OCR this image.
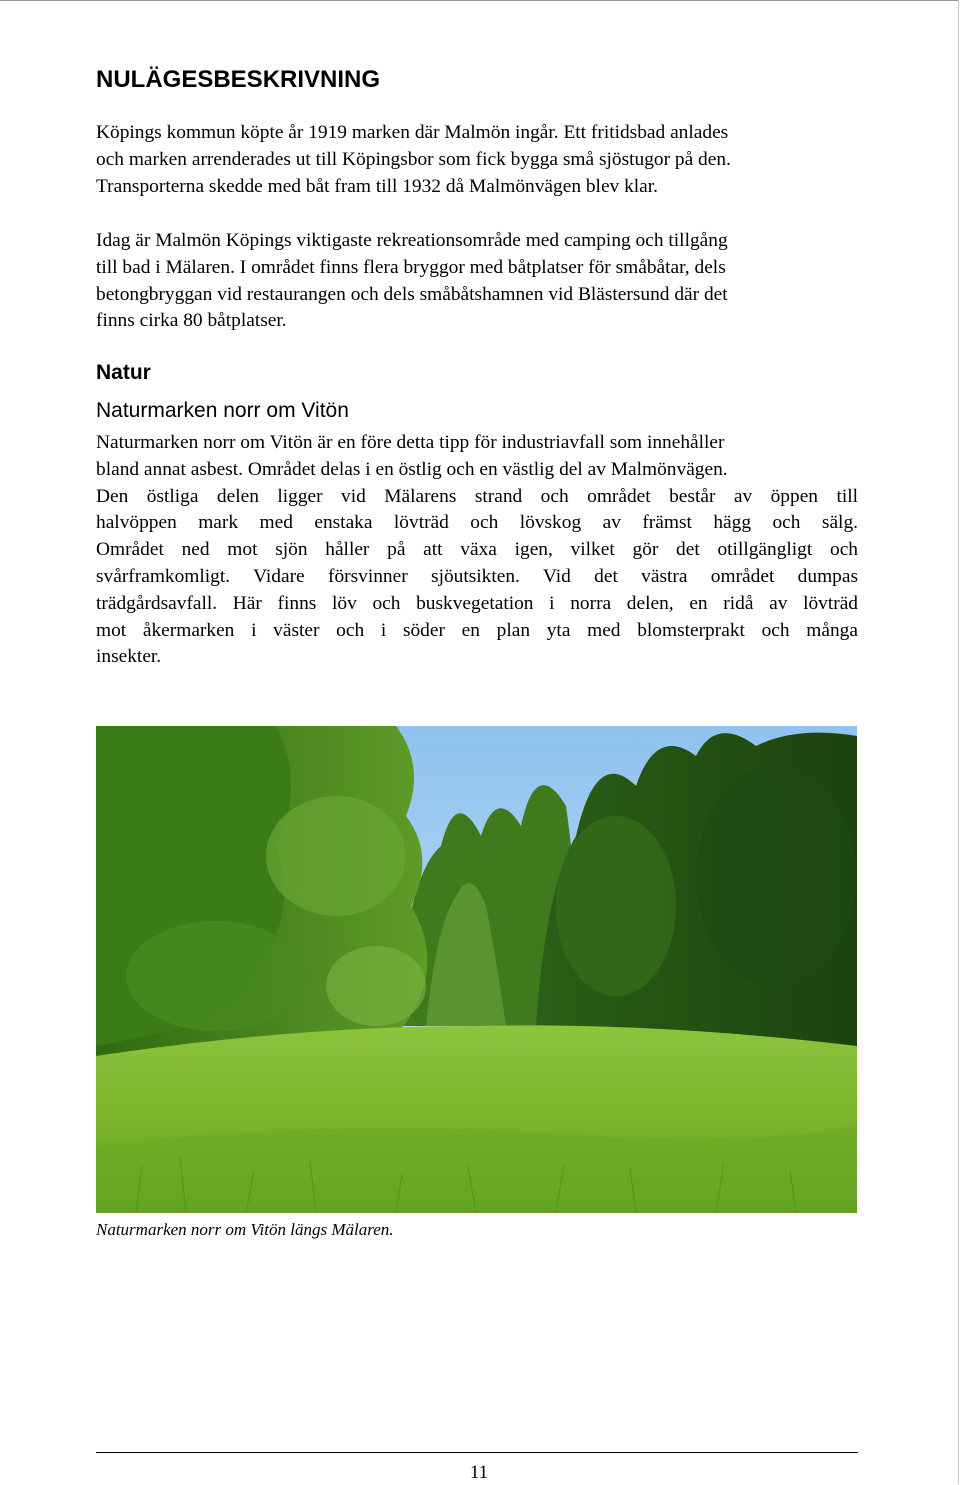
NULÄGESBESKRIVNING

Köpings kommun köpte år 1919 marken där Malmön ingår. Ett fritidsbad anlades
och marken arrenderades ut till Köpingsbor som fick bygga små sjöstugor på den.
Transporterna skedde med båt fram till 1932 då Malmönvägen blev klar.

Idag är Malmön Köpings viktigaste rekreationsområde med camping och tillgång
till bad i Mälaren. I området finns flera bryggor med båtplatser för småbåtar, dels
betongbryggan vid restaurangen och dels småbåtshamnen vid Blästersund där det
finns cirka 80 båtplatser.

Natur
Naturmarken norr om Vitön

Naturmarken norr om Vitön är en före detta tipp för industriavfall som innehåller
bland annat asbest. Området delas i en östlig och en västlig del av Malmönvägen.
Den östliga delen ligger vid Mälarens strand och området består av öppen till
halvöppen mark med enstaka lövträd och lövskog av främst hägg och sälg.
Området ned mot sjön håller på att växa igen, vilket gör det otillgängligt och
svårframkomligt. Vidare försvinner sjöutsikten. Vid det västra området dumpas
trädgårdsavfall. Här finns löv och buskvegetation i norra delen, en ridå av lövträd
mot åkermarken i väster och i söder en plan yta med blomsterprakt och många
insekter.

Naturmarken norr om Vitön längs Mälaren.

11
